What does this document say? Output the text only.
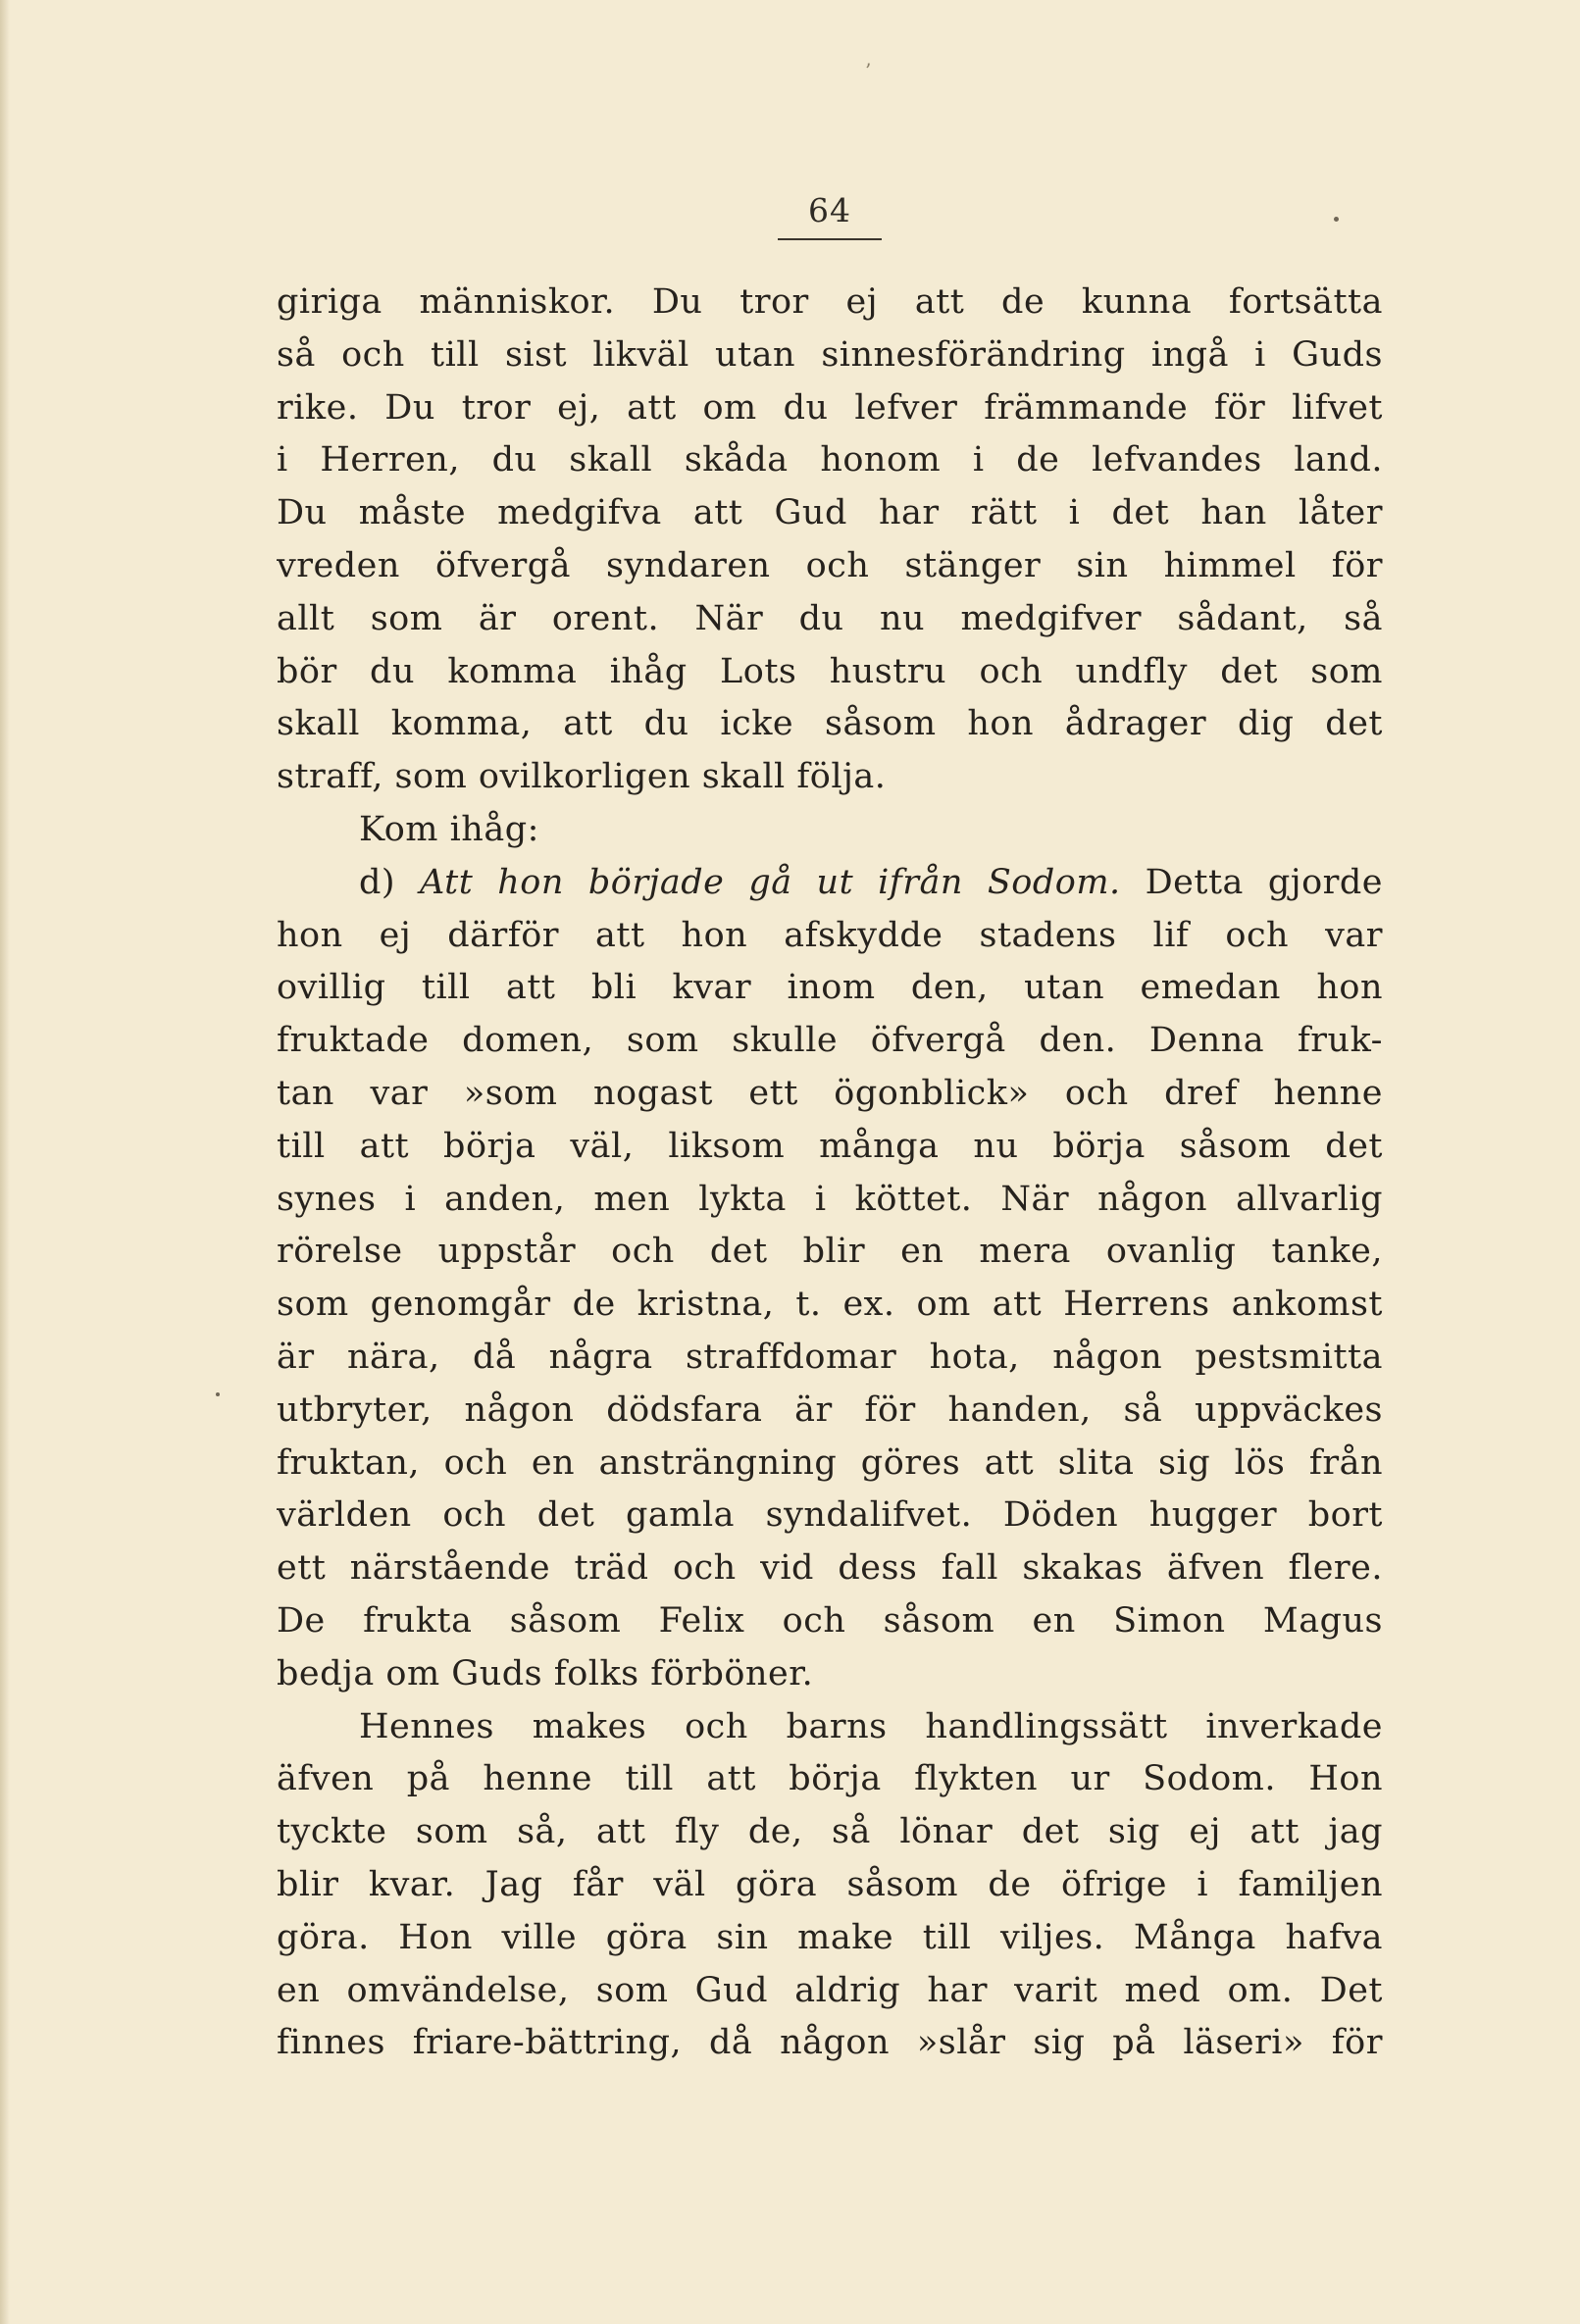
’
64
giriga människor. Du tror ej att de kunna fortsätta
så och till sist likväl utan sinnesförändring ingå i Guds
rike. Du tror ej, att om du lefver främmande för lifvet
i Herren, du skall skåda honom i de lefvandes land.
Du måste medgifva att Gud har rätt i det han låter
vreden öfvergå syndaren och stänger sin himmel för
allt som är orent. När du nu medgifver sådant, så
bör du komma ihåg Lots hustru och undfly det som
skall komma, att du icke såsom hon ådrager dig det
straff, som ovilkorligen skall följa.
Kom ihåg:
d) Att hon började gå ut ifrån Sodom. Detta gjorde
hon ej därför att hon afskydde stadens lif och var
ovillig till att bli kvar inom den, utan emedan hon
fruktade domen, som skulle öfvergå den. Denna fruk-
tan var »som nogast ett ögonblick» och dref henne
till att börja väl, liksom många nu börja såsom det
synes i anden, men lykta i köttet. När någon allvarlig
rörelse uppstår och det blir en mera ovanlig tanke,
som genomgår de kristna, t. ex. om att Herrens ankomst
är nära, då några straffdomar hota, någon pestsmitta
utbryter, någon dödsfara är för handen, så uppväckes
fruktan, och en ansträngning göres att slita sig lös från
världen och det gamla syndalifvet. Döden hugger bort
ett närstående träd och vid dess fall skakas äfven flere.
De frukta såsom Felix och såsom en Simon Magus
bedja om Guds folks förböner.
Hennes makes och barns handlingssätt inverkade
äfven på henne till att börja flykten ur Sodom. Hon
tyckte som så, att fly de, så lönar det sig ej att jag
blir kvar. Jag får väl göra såsom de öfrige i familjen
göra. Hon ville göra sin make till viljes. Många hafva
en omvändelse, som Gud aldrig har varit med om. Det
finnes friare-bättring, då någon »slår sig på läseri» för
